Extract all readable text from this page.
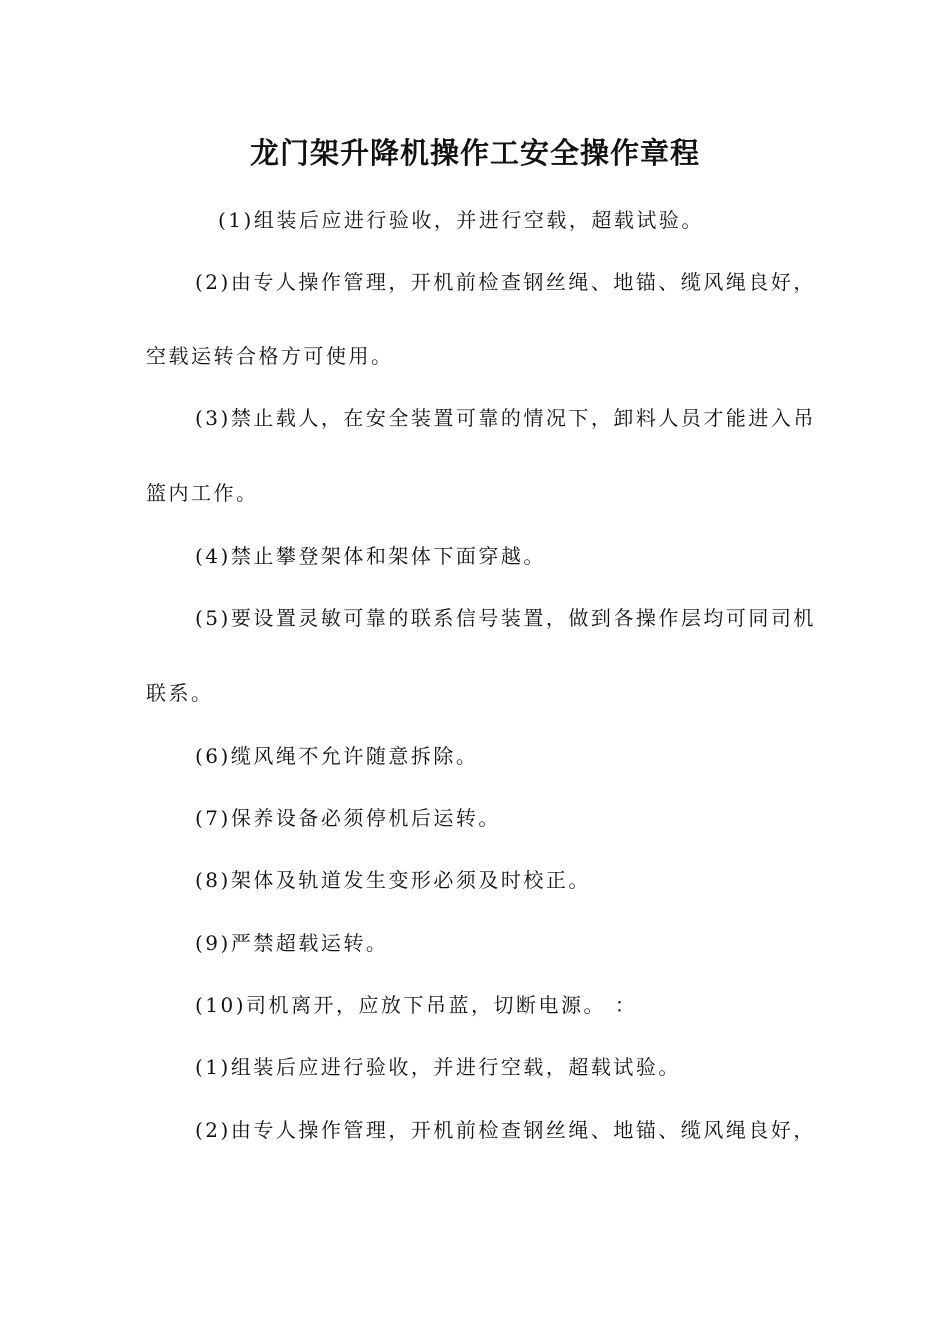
龙门架升降机操作工安全操作章程
(1)组装后应进行验收，并进行空载，超载试验。
(2)由专人操作管理，开机前检查钢丝绳、地锚、缆风绳良好，
空载运转合格方可使用。
(3)禁止载人，在安全装置可靠的情况下，卸料人员才能进入吊
篮内工作。
(4)禁止攀登架体和架体下面穿越。
(5)要设置灵敏可靠的联系信号装置，做到各操作层均可同司机
联系。
(6)缆风绳不允许随意拆除。
(7)保养设备必须停机后运转。
(8)架体及轨道发生变形必须及时校正。
(9)严禁超载运转。
(10)司机离开，应放下吊蓝，切断电源。 ：
(1)组装后应进行验收，并进行空载，超载试验。
(2)由专人操作管理，开机前检查钢丝绳、地锚、缆风绳良好，
